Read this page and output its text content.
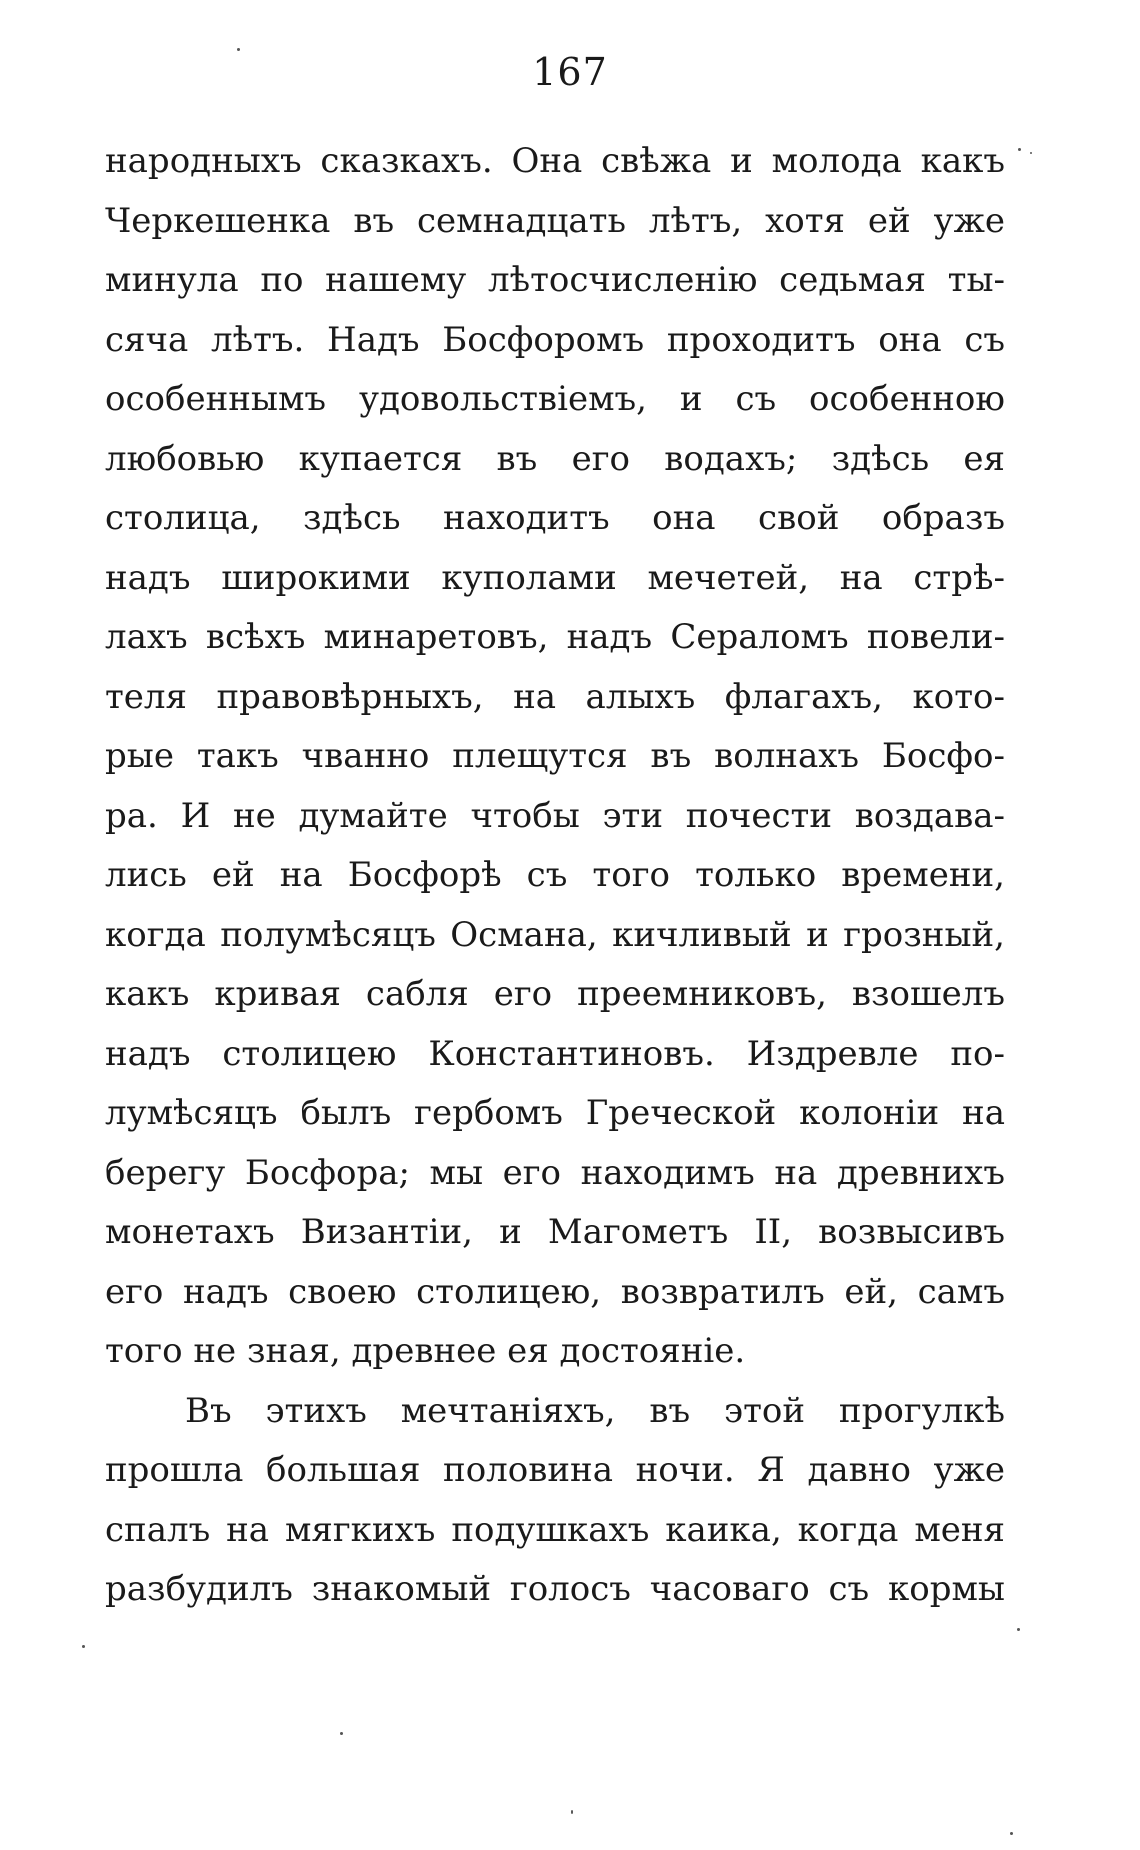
167
народныхъ сказкахъ. Она свѣжа и молода какъ
Черкешенка въ семнадцать лѣтъ, хотя ей уже
минула по нашему лѣтосчисленію седьмая ты-
сяча лѣтъ. Надъ Босфоромъ проходитъ она съ
особеннымъ удовольствіемъ, и съ особенною
любовью купается въ его водахъ; здѣсь ея
столица, здѣсь находитъ она свой образъ
надъ широкими куполами мечетей, на стрѣ-
лахъ всѣхъ минаретовъ, надъ Сераломъ повели-
теля правовѣрныхъ, на алыхъ флагахъ, кото-
рые такъ чванно плещутся въ волнахъ Босфо-
ра. И не думайте чтобы эти почести воздава-
лись ей на Босфорѣ съ того только времени,
когда полумѣсяцъ Османа, кичливый и грозный,
какъ кривая сабля его преемниковъ, взошелъ
надъ столицею Константиновъ. Издревле по-
лумѣсяцъ былъ гербомъ Греческой колоніи на
берегу Босфора; мы его находимъ на древнихъ
монетахъ Византіи, и Магометъ II, возвысивъ
его надъ своею столицею, возвратилъ ей, самъ
того не зная, древнее ея достояніе.
Въ этихъ мечтаніяхъ, въ этой прогулкѣ
прошла большая половина ночи. Я давно уже
спалъ на мягкихъ подушкахъ каика, когда меня
разбудилъ знакомый голосъ часоваго съ кормы
